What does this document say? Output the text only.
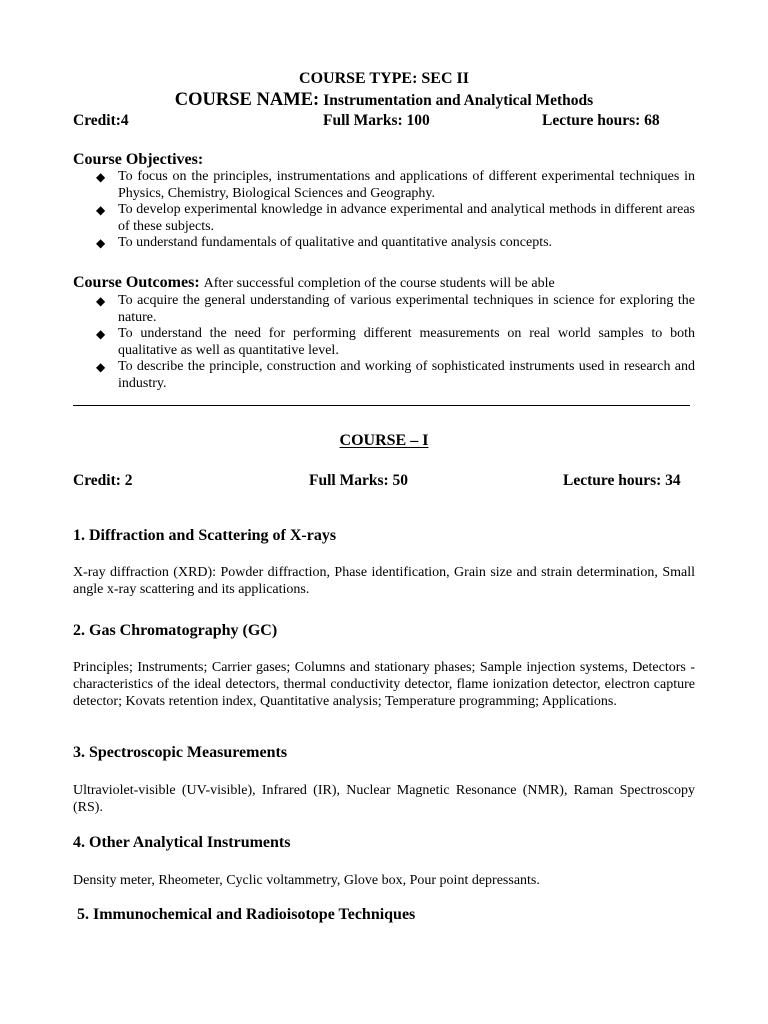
COURSE TYPE: SEC II
COURSE NAME: Instrumentation and Analytical Methods
Credit:4	Full Marks: 100	Lecture hours: 68
Course Objectives:

◆ To focus on the principles, instrumentations and applications of different experimental techniques in Physics, Chemistry, Biological Sciences and Geography.

◆ To develop experimental knowledge in advance experimental and analytical methods in different areas of these subjects.

◆ To understand fundamentals of qualitative and quantitative analysis concepts.

Course Outcomes: After successful completion of the course students will be able

◆ To acquire the general understanding of various experimental techniques in science for exploring the nature.

◆ To understand the need for performing different measurements on real world samples to both qualitative as well as quantitative level.

◆ To describe the principle, construction and working of sophisticated instruments used in research and industry.

COURSE – I
Credit: 2	Full Marks: 50	Lecture hours: 34
1. Diffraction and Scattering of X-rays
X-ray diffraction (XRD): Powder diffraction, Phase identification, Grain size and strain determination, Small angle x-ray scattering and its applications.
2. Gas Chromatography (GC)
Principles; Instruments; Carrier gases; Columns and stationary phases; Sample injection systems, Detectors - characteristics of the ideal detectors, thermal conductivity detector, flame ionization detector, electron capture detector; Kovats retention index, Quantitative analysis; Temperature programming; Applications.
3. Spectroscopic Measurements
Ultraviolet-visible (UV-visible), Infrared (IR), Nuclear Magnetic Resonance (NMR), Raman Spectroscopy (RS).
4. Other Analytical Instruments
Density meter, Rheometer, Cyclic voltammetry, Glove box, Pour point depressants.
5. Immunochemical and Radioisotope Techniques
